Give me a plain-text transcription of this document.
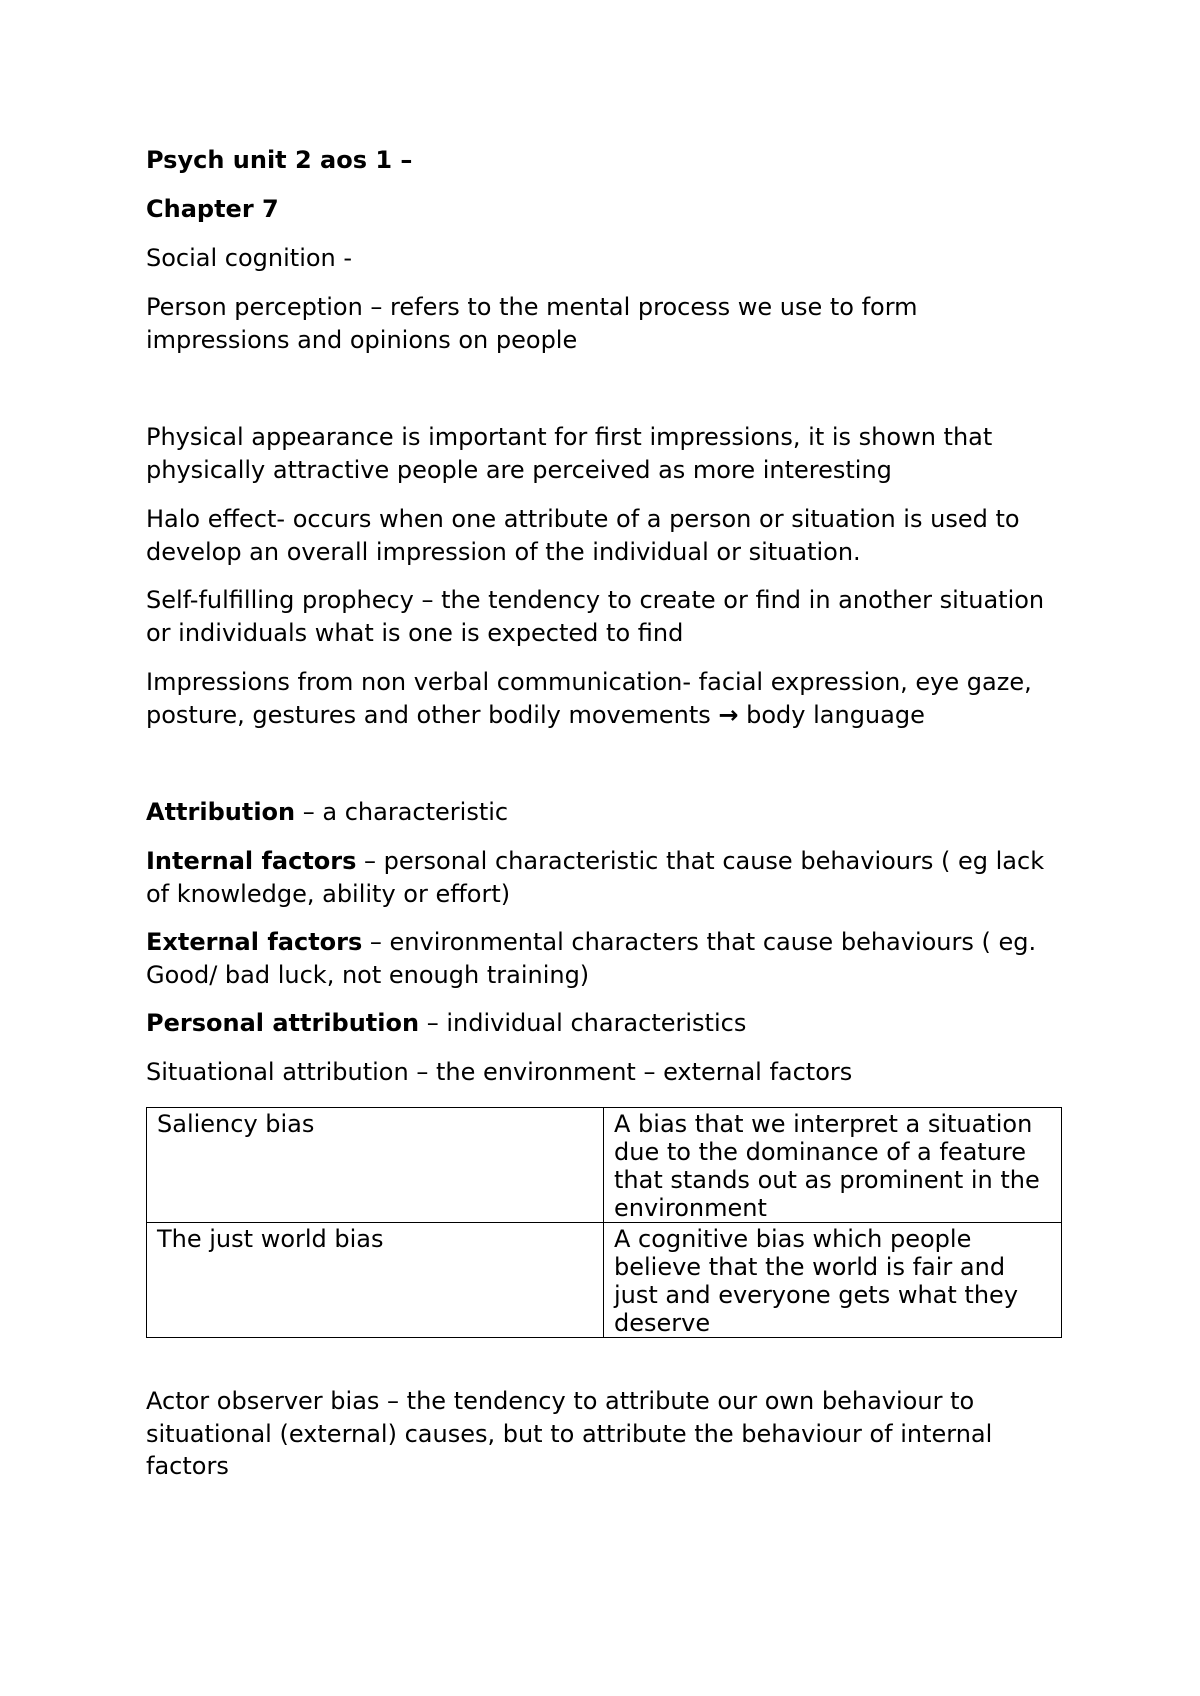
Psych unit 2 aos 1 –

Chapter 7

Social cognition -

Person perception – refers to the mental process we use to form impressions and opinions on people

Physical appearance is important for first impressions, it is shown that physically attractive people are perceived as more interesting

Halo effect- occurs when one attribute of a person or situation is used to develop an overall impression of the individual or situation.

Self-fulfilling prophecy – the tendency to create or find in another situation or individuals what is one is expected to find

Impressions from non verbal communication- facial expression, eye gaze, posture, gestures and other bodily movements → body language

Attribution – a characteristic

Internal factors – personal characteristic that cause behaviours ( eg lack of knowledge, ability or effort)

External factors – environmental characters that cause behaviours ( eg. Good/ bad luck, not enough training)

Personal attribution – individual characteristics

Situational attribution – the environment – external factors

Saliency bias	A bias that we interpret a situation due to the dominance of a feature that stands out as prominent in the environment
The just world bias	A cognitive bias which people believe that the world is fair and just and everyone gets what they deserve

Actor observer bias – the tendency to attribute our own behaviour to situational (external) causes, but to attribute the behaviour of internal factors
